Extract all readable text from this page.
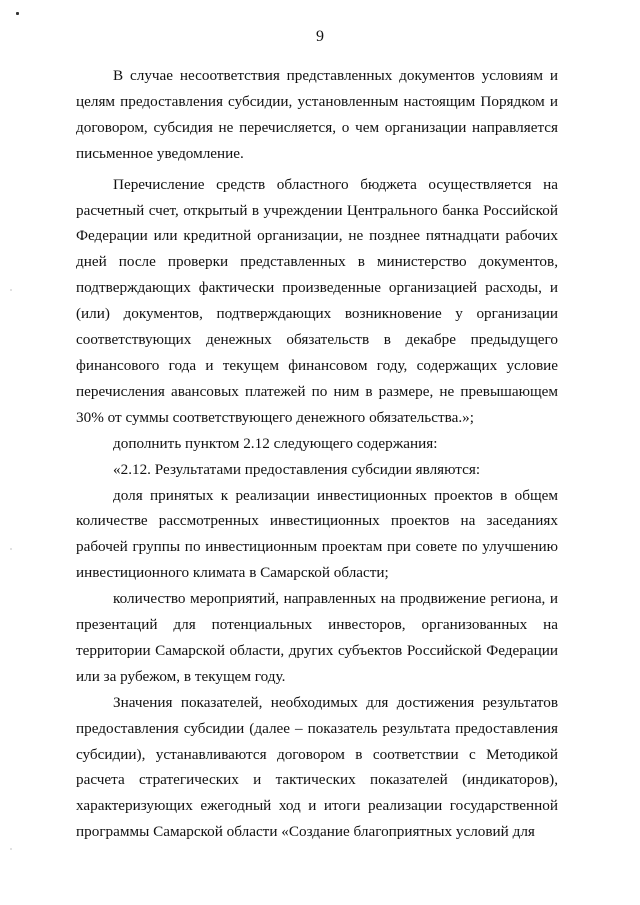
9

В случае несоответствия представленных документов условиям и целям предоставления субсидии, установленным настоящим Порядком и договором, субсидия не перечисляется, о чем организации направляется письменное уведомление.

Перечисление средств областного бюджета осуществляется на расчетный счет, открытый в учреждении Центрального банка Российской Федерации или кредитной организации, не позднее пятнадцати рабочих дней после проверки представленных в министерство документов, подтверждающих фактически произведенные организацией расходы, и (или) документов, подтверждающих возникновение у организации соответствующих денежных обязательств в декабре предыдущего финансового года и текущем финансовом году, содержащих условие перечисления авансовых платежей по ним в размере, не превышающем 30% от суммы соответствующего денежного обязательства.»;

дополнить пунктом 2.12 следующего содержания:

«2.12. Результатами предоставления субсидии являются:

доля принятых к реализации инвестиционных проектов в общем количестве рассмотренных инвестиционных проектов на заседаниях рабочей группы по инвестиционным проектам при совете по улучшению инвестиционного климата в Самарской области;

количество мероприятий, направленных на продвижение региона, и презентаций для потенциальных инвесторов, организованных на территории Самарской области, других субъектов Российской Федерации или за рубежом, в текущем году.

Значения показателей, необходимых для достижения результатов предоставления субсидии (далее – показатель результата предоставления субсидии), устанавливаются договором в соответствии с Методикой расчета стратегических и тактических показателей (индикаторов), характеризующих ежегодный ход и итоги реализации государственной программы Самарской области «Создание благоприятных условий для
